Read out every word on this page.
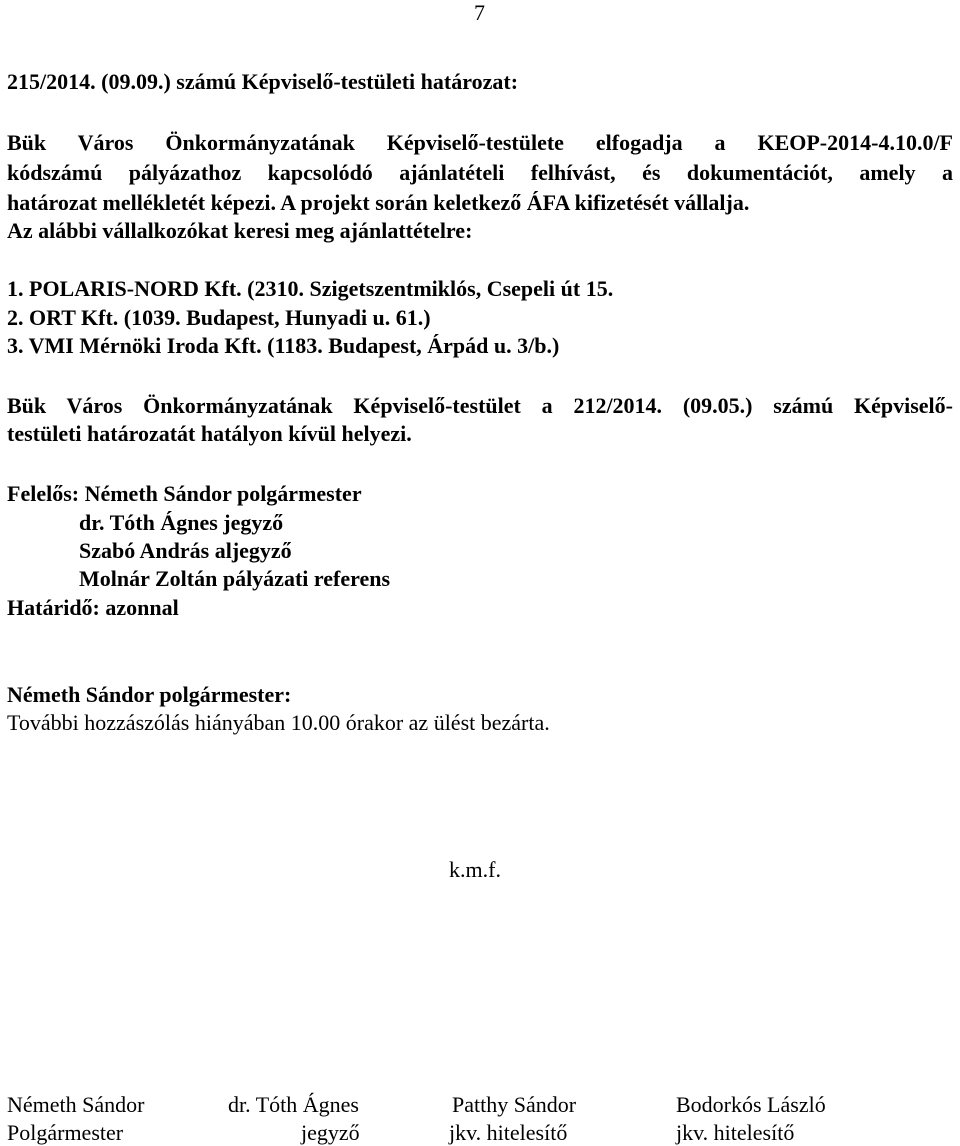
7
215/2014. (09.09.) számú Képviselő-testületi határozat:
Bük Város Önkormányzatának Képviselő-testülete elfogadja a KEOP-2014-4.10.0/F
kódszámú pályázathoz kapcsolódó ajánlatételi felhívást, és dokumentációt, amely a
határozat mellékletét képezi. A projekt során keletkező ÁFA kifizetését vállalja.
Az alábbi vállalkozókat keresi meg ajánlattételre:
1. POLARIS-NORD Kft. (2310. Szigetszentmiklós, Csepeli út 15.
2. ORT Kft. (1039. Budapest, Hunyadi u. 61.)
3. VMI Mérnöki Iroda Kft. (1183. Budapest, Árpád u. 3/b.)
Bük Város Önkormányzatának Képviselő-testület a 212/2014. (09.05.) számú Képviselő-
testületi határozatát hatályon kívül helyezi.
Felelős: Németh Sándor polgármester
dr. Tóth Ágnes jegyző
Szabó András aljegyző
Molnár Zoltán pályázati referens
Határidő: azonnal
Németh Sándor polgármester:
További hozzászólás hiányában 10.00 órakor az ülést bezárta.
k.m.f.
Németh Sándor
Polgármester
dr. Tóth Ágnes
jegyző
Patthy Sándor
jkv. hitelesítő
Bodorkós László
jkv. hitelesítő
